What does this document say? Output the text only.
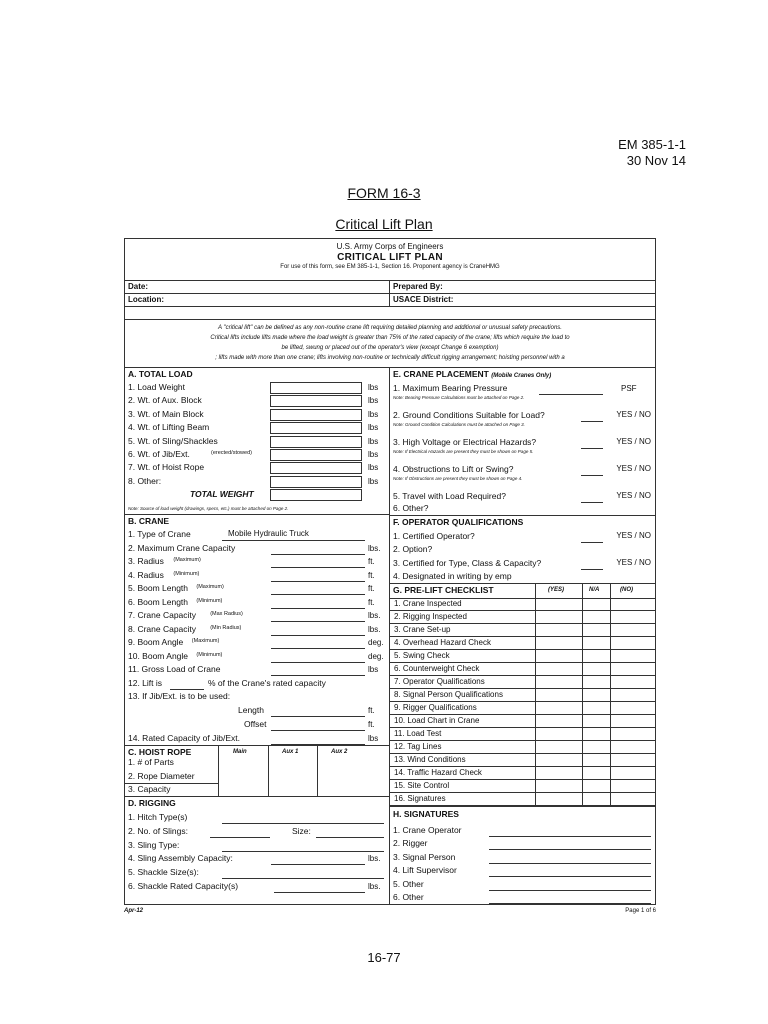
EM 385-1-1
30 Nov 14
FORM 16-3
Critical Lift Plan
U.S. Army Corps of Engineers
CRITICAL LIFT PLAN
For use of this form, see EM 385-1-1, Section 16. Proponent agency is CraneHMG
Date:
Location:
Prepared By:
USACE District:
A "critical lift" can be defined as any non-routine crane lift requiring detailed planning and additional or unusual safety precautions.
Critical lifts include lifts made where the load weight is greater than 75% of the rated capacity of the crane; lifts which require the load to
be lifted, swung or placed out of the operator's view (except Change 6 exemption)
; lifts made with more than one crane; lifts involving non-routine or technically difficult rigging arrangement; hoisting personnel with a
A. TOTAL LOAD
TOTAL WEIGHT
Note: Source of load weight (drawings, specs, etc.) must be attached on Page 2.
B. CRANE
12. Lift is	% of the Crane's rated capacity
13. If Jib/Ext. is to be used:
Length	ft.
Offset	ft.
14. Rated Capacity of Jib/Ext.	lbs
C. HOIST ROPE	Main	Aux 1	Aux 2
1. # of Parts
2. Rope Diameter
3. Capacity
D. RIGGING
E. CRANE PLACEMENT (Mobile Cranes Only)
F. OPERATOR QUALIFICATIONS
G. PRE-LIFT CHECKLIST	(YES)	N/A	(NO)
1. Crane Inspected
2. Rigging Inspected
3. Crane Set-up
4. Overhead Hazard Check
5. Swing Check
6. Counterweight Check
7. Operator Qualifications
8. Signal Person Qualifications
9. Rigger Qualifications
10. Load Chart in Crane
11. Load Test
12. Tag Lines
13. Wind Conditions
14. Traffic Hazard Check
15. Site Control
16. Signatures
H. SIGNATURES
1. Load Weight	lbs
2. Wt. of Aux. Block	lbs
3. Wt. of Main Block	lbs
4. Wt. of Lifting Beam	lbs
5. Wt. of Sling/Shackles	lbs
6. Wt. of Jib/Ext.	(erected/stowed)	lbs
7. Wt. of Hoist Rope	lbs
8. Other:	lbs
1. Type of Crane	Mobile Hydraulic Truck
2. Maximum Crane Capacity	lbs.
3. Radius (Maximum)	ft.
4. Radius (Minimum)	ft.
5. Boom Length (Maximum)	ft.
6. Boom Length (Minimum)	ft.
7. Crane Capacity	(Max Radius)	lbs.
8. Crane Capacity	(Min Radius)	lbs.
9. Boom Angle (Maximum)	deg.
10. Boom Angle (Minimum)	deg.
11. Gross Load of Crane	lbs
1. Hitch Type(s)
2. No. of Slings:	Size:
3. Sling Type:
4. Sling Assembly Capacity:	lbs.
5. Shackle Size(s):
6. Shackle Rated Capacity(s)	lbs.
1. Maximum Bearing Pressure	PSF
Note: Bearing Pressure Calculations must be attached on Page 2.
2. Ground Conditions Suitable for Load?	YES / NO
Note: Ground Condition Calculations must be attached on Page 3.
3. High Voltage or Electrical Hazards?	YES / NO
Note: If Electrical Hazards are present they must be shown on Page 5.
4. Obstructions to Lift or Swing?	YES / NO
Note: If Obstructions are present they must be shown on Page 4.
5. Travel with Load Required?	YES / NO
6. Other?
1. Certified Operator?	YES / NO
2. Option?
3. Certified for Type, Class & Capacity?	YES / NO
4. Designated in writing by emp
1. Crane Operator
2. Rigger
3. Signal Person
4. Lift Supervisor
5. Other
6. Other
Apr-12	Page 1 of 6
16-77
